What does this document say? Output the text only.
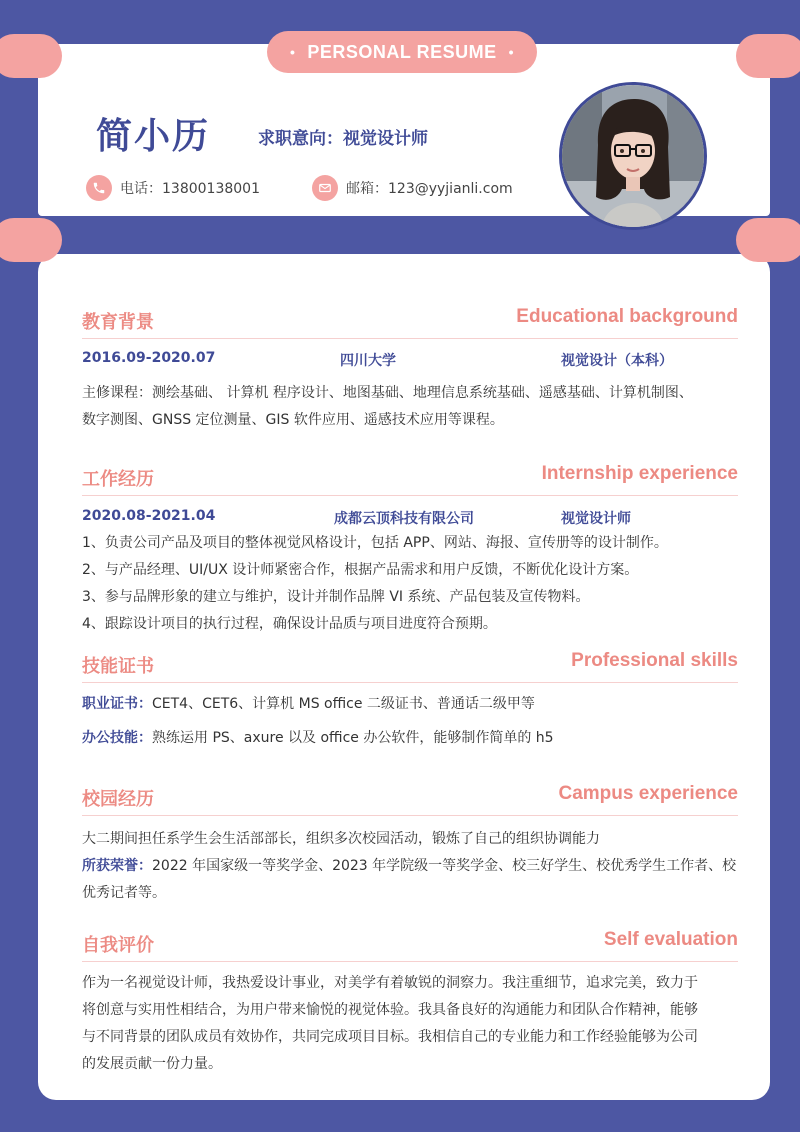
• PERSONAL RESUME •
简小历	求职意向：视觉设计师
电话：13800138001	邮箱：123@yyjianli.com
教育背景	Educational background
2016.09-2020.07	四川大学	视觉设计（本科）
主修课程：测绘基础、 计算机 程序设计、地图基础、地理信息系统基础、遥感基础、计算机制图、
数字测图、GNSS 定位测量、GIS 软件应用、遥感技术应用等课程。
工作经历	Internship experience
2020.08-2021.04	成都云顶科技有限公司	视觉设计师
1、负责公司产品及项目的整体视觉风格设计，包括 APP、网站、海报、宣传册等的设计制作。
2、与产品经理、UI/UX 设计师紧密合作，根据产品需求和用户反馈，不断优化设计方案。
3、参与品牌形象的建立与维护，设计并制作品牌 VI 系统、产品包装及宣传物料。
4、跟踪设计项目的执行过程，确保设计品质与项目进度符合预期。
技能证书	Professional skills
职业证书：CET4、CET6、计算机 MS office 二级证书、普通话二级甲等
办公技能：熟练运用 PS、axure 以及 office 办公软件，能够制作简单的 h5
校园经历	Campus experience
大二期间担任系学生会生活部部长，组织多次校园活动，锻炼了自己的组织协调能力
所获荣誉：2022 年国家级一等奖学金、2023 年学院级一等奖学金、校三好学生、校优秀学生工作者、校
优秀记者等。
自我评价	Self evaluation
作为一名视觉设计师，我热爱设计事业，对美学有着敏锐的洞察力。我注重细节，追求完美，致力于
将创意与实用性相结合，为用户带来愉悦的视觉体验。我具备良好的沟通能力和团队合作精神，能够
与不同背景的团队成员有效协作，共同完成项目目标。我相信自己的专业能力和工作经验能够为公司
的发展贡献一份力量。
